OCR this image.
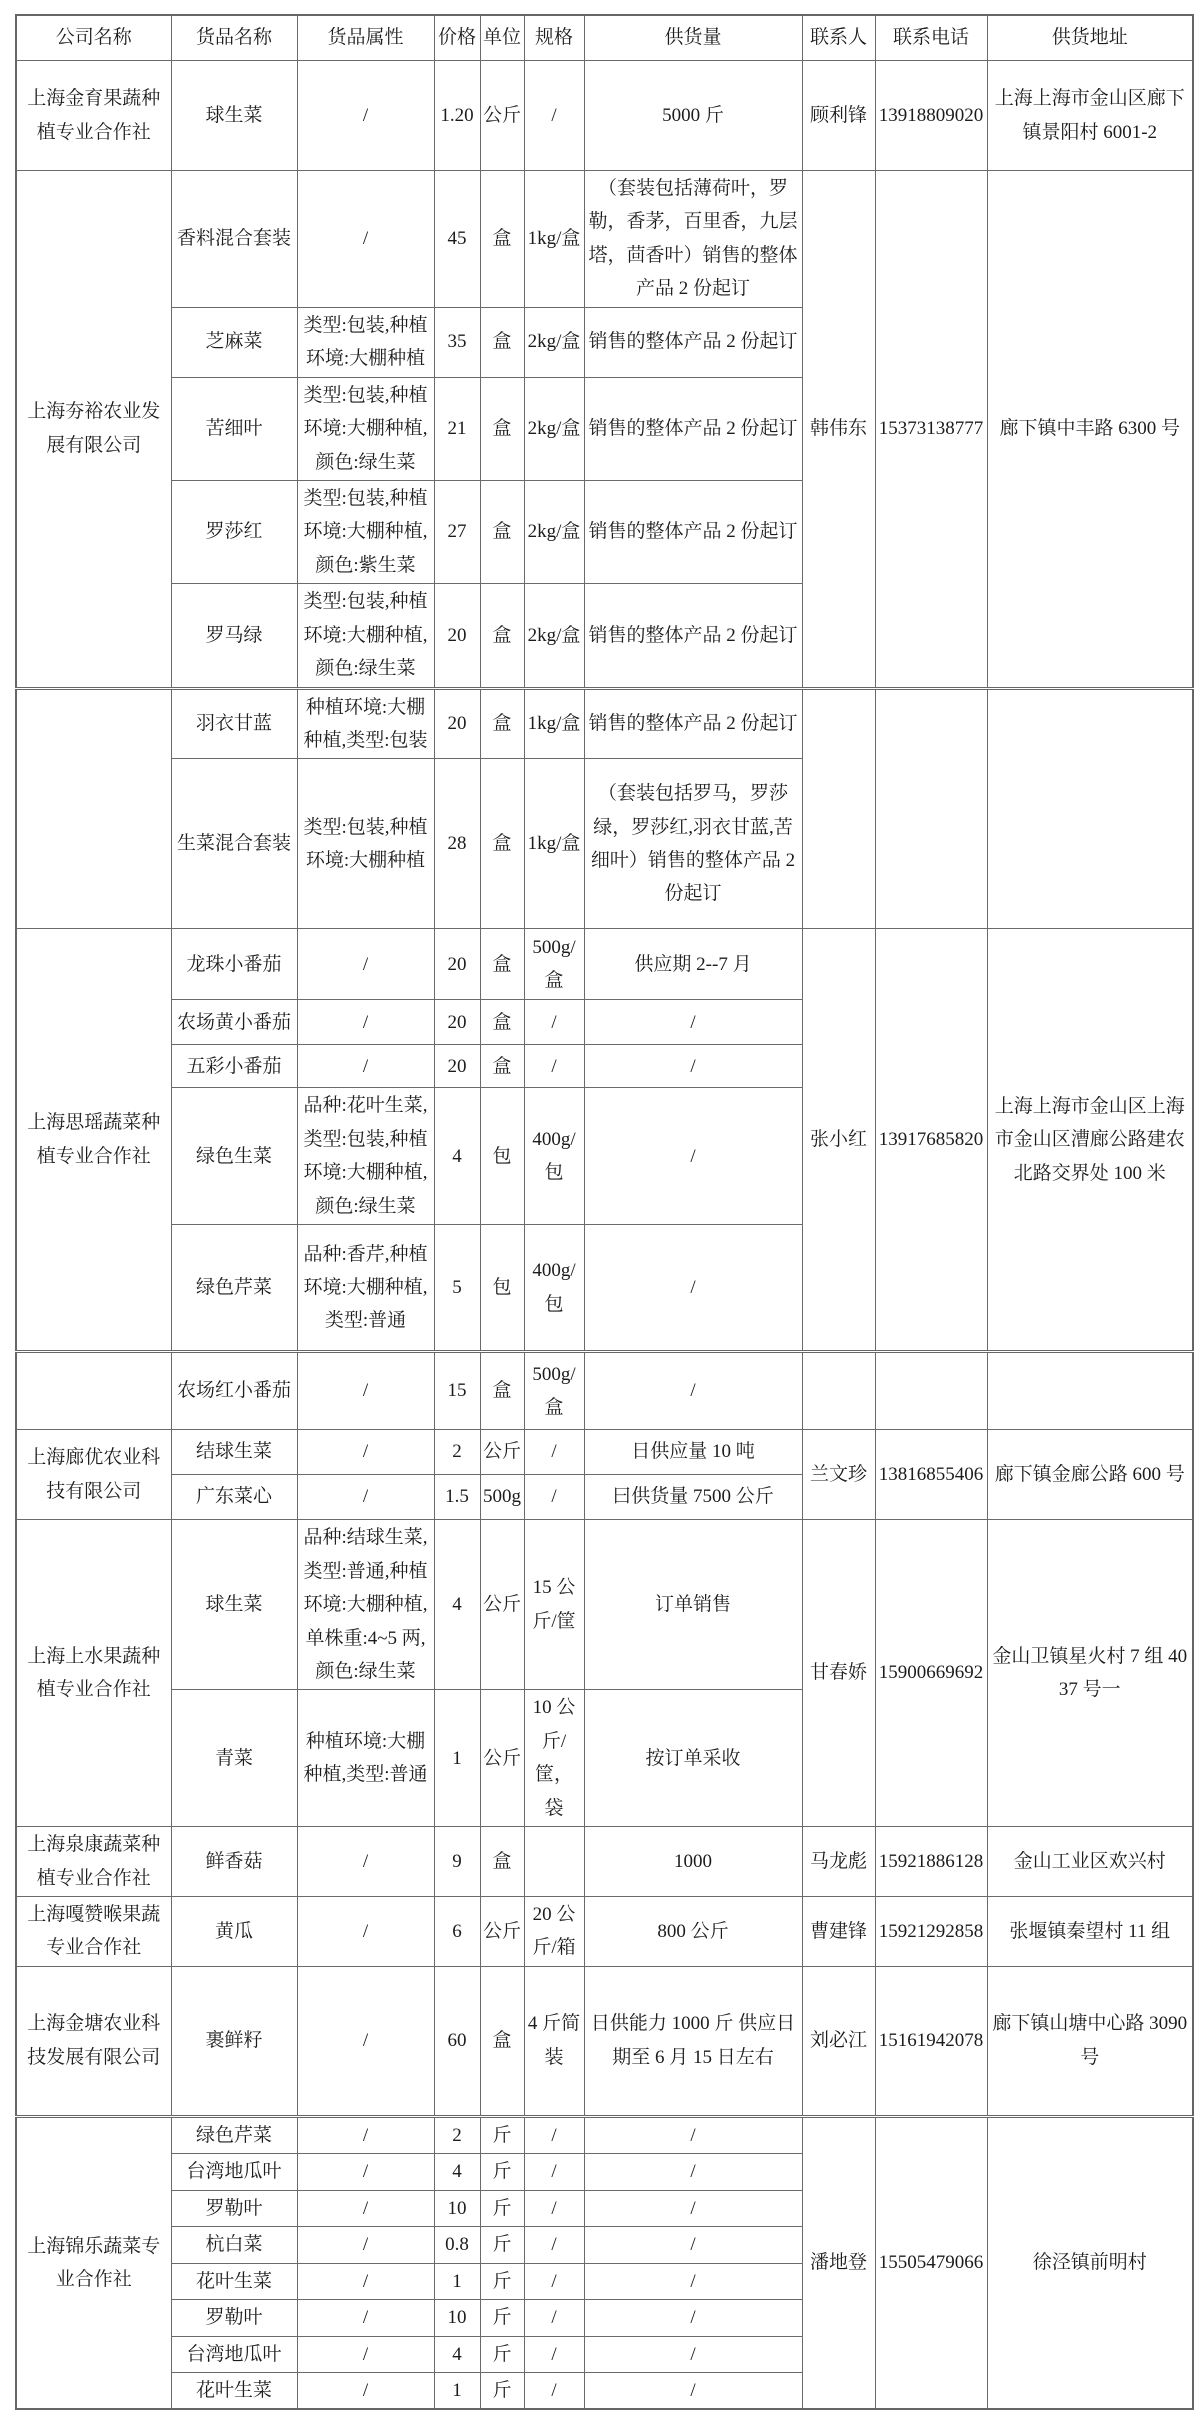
公司名称	货品名称	货品属性	价格	单位	规格	供货量	联系人	联系电话	供货地址
上海金育果蔬种植专业合作社	球生菜	/	1.20	公斤	/	5000 斤	顾利锋	13918809020	上海上海市金山区廊下镇景阳村 6001-2
上海夯裕农业发展有限公司	香料混合套装	/	45	盒	1kg/盒	（套装包括薄荷叶，罗勒，香茅，百里香，九层塔，茴香叶）销售的整体产品 2 份起订	韩伟东	15373138777	廊下镇中丰路 6300 号
	芝麻菜	类型:包装,种植环境:大棚种植	35	盒	2kg/盒	销售的整体产品 2 份起订			
	苦细叶	类型:包装,种植环境:大棚种植,颜色:绿生菜	21	盒	2kg/盒	销售的整体产品 2 份起订			
	罗莎红	类型:包装,种植环境:大棚种植,颜色:紫生菜	27	盒	2kg/盒	销售的整体产品 2 份起订			
	罗马绿	类型:包装,种植环境:大棚种植,颜色:绿生菜	20	盒	2kg/盒	销售的整体产品 2 份起订			
	羽衣甘蓝	种植环境:大棚种植,类型:包装	20	盒	1kg/盒	销售的整体产品 2 份起订			
	生菜混合套装	类型:包装,种植环境:大棚种植	28	盒	1kg/盒	（套装包括罗马，罗莎绿，罗莎红,羽衣甘蓝,苦细叶）销售的整体产品 2 份起订			
上海思瑶蔬菜种植专业合作社	龙珠小番茄	/	20	盒	500g/盒	供应期 2--7 月	张小红	13917685820	上海上海市金山区上海市金山区漕廊公路建农北路交界处 100 米
	农场黄小番茄	/	20	盒	/	/			
	五彩小番茄	/	20	盒	/	/			
	绿色生菜	品种:花叶生菜,类型:包装,种植环境:大棚种植,颜色:绿生菜	4	包	400g/包	/			
	绿色芹菜	品种:香芹,种植环境:大棚种植,类型:普通	5	包	400g/包	/			
	农场红小番茄	/	15	盒	500g/盒	/			
上海廊优农业科技有限公司	结球生菜	/	2	公斤	/	日供应量 10 吨	兰文珍	13816855406	廊下镇金廊公路 600 号
	广东菜心	/	1.5	500g	/	曰供货量 7500 公斤			
上海上水果蔬种植专业合作社	球生菜	品种:结球生菜,类型:普通,种植环境:大棚种植,单株重:4~5 两,颜色:绿生菜	4	公斤	15 公斤/筐	订单销售	甘春娇	15900669692	金山卫镇星火村 7 组 4037 号一
	青菜	种植环境:大棚种植,类型:普通	1	公斤	10 公斤/筐，袋	按订单采收			
上海泉康蔬菜种植专业合作社	鲜香菇	/	9	盒		1000	马龙彪	15921886128	金山工业区欢兴村
上海嘎赞喉果蔬专业合作社	黄瓜	/	6	公斤	20 公斤/箱	800 公斤	曹建锋	15921292858	张堰镇秦望村 11 组
上海金塘农业科技发展有限公司	裹鲜籽	/	60	盒	4 斤简装	日供能力 1000 斤 供应日期至 6 月 15 日左右	刘必江	15161942078	廊下镇山塘中心路 3090 号
上海锦乐蔬菜专业合作社	绿色芹菜	/	2	斤	/	/	潘地登	15505479066	徐泾镇前明村
	台湾地瓜叶	/	4	斤	/	/			
	罗勒叶	/	10	斤	/	/			
	杭白菜	/	0.8	斤	/	/			
	花叶生菜	/	1	斤	/	/			
	罗勒叶	/	10	斤	/	/			
	台湾地瓜叶	/	4	斤	/	/			
	花叶生菜	/	1	斤	/	/			
